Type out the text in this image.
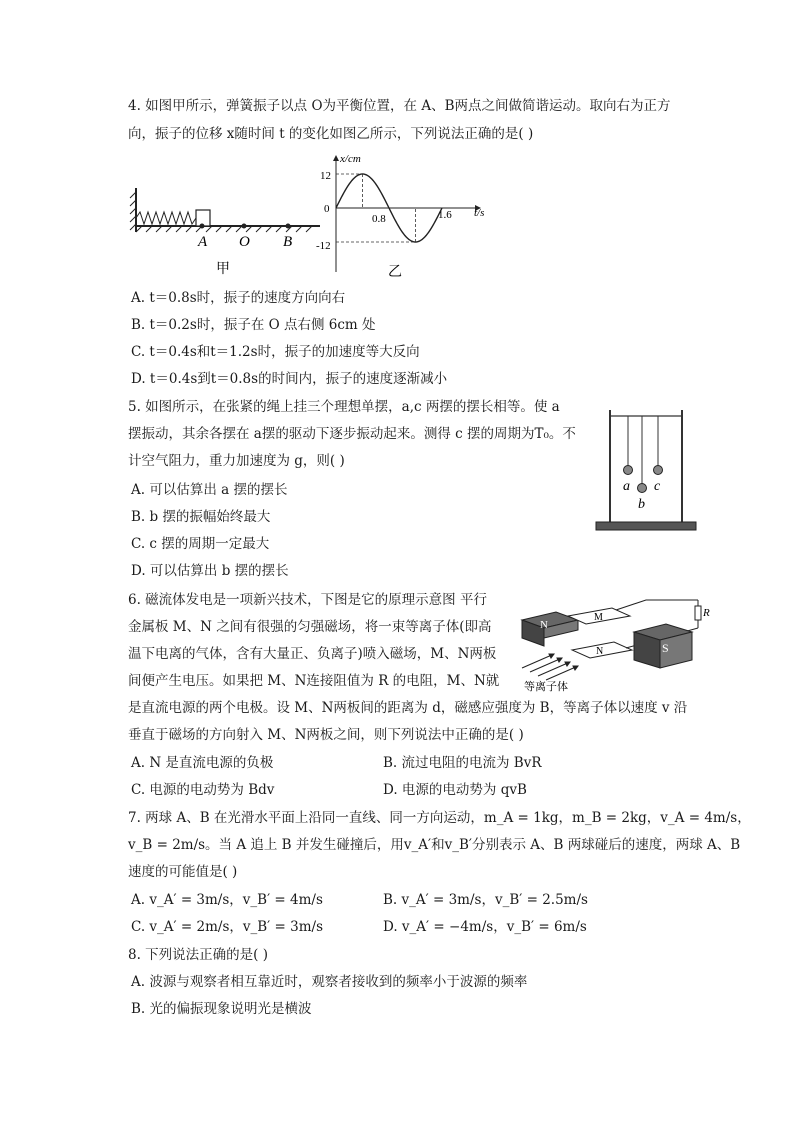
4. 如图甲所示，弹簧振子以点 O为平衡位置，在 A、B两点之间做简谐运动。取向右为正方
向，振子的位移 x随时间 t 的变化如图乙所示，下列说法正确的是( )
A O B
甲
x/cm
t/s
12
0
-12
0.8	1.6
乙
A. t＝0.8s时，振子的速度方向向右
B. t＝0.2s时，振子在 O 点右侧 6cm 处
C. t＝0.4s和t＝1.2s时，振子的加速度等大反向
D. t＝0.4s到t＝0.8s的时间内，振子的速度逐渐减小
5. 如图所示，在张紧的绳上挂三个理想单摆，a,c 两摆的摆长相等。使 a
摆振动，其余各摆在 a摆的驱动下逐步振动起来。测得 c 摆的周期为T₀。不
计空气阻力，重力加速度为 g，则( )
A. 可以估算出 a 摆的摆长
B. b 摆的振幅始终最大
C. c 摆的周期一定最大
D. 可以估算出 b 摆的摆长
a
b
c
6. 磁流体发电是一项新兴技术，下图是它的原理示意图 平行
金属板 M、N 之间有很强的匀强磁场，将一束等离子体(即高
温下电离的气体，含有大量正、负离子)喷入磁场，M、N两板
间便产生电压。如果把 M、N连接阻值为 R 的电阻，M、N就
是直流电源的两个电极。设 M、N两板间的距离为 d，磁感应强度为 B，等离子体以速度 v 沿
垂直于磁场的方向射入 M、N两板之间，则下列说法中正确的是( )
N
M
N
R
S
等离子体
A. N 是直流电源的负极	B. 流过电阻的电流为 BvR
C. 电源的电动势为 Bdv	D. 电源的电动势为 qvB
7. 两球 A、B 在光滑水平面上沿同一直线、同一方向运动，m_A = 1kg，m_B = 2kg，v_A = 4m/s，
v_B = 2m/s。当 A 追上 B 并发生碰撞后，用v_A′和v_B′分别表示 A、B 两球碰后的速度，两球 A、B
速度的可能值是( )
A. v_A′ = 3m/s，v_B′ = 4m/s	B. v_A′ = 3m/s，v_B′ = 2.5m/s
C. v_A′ = 2m/s，v_B′ = 3m/s	D. v_A′ = −4m/s，v_B′ = 6m/s
8. 下列说法正确的是( )
A. 波源与观察者相互靠近时，观察者接收到的频率小于波源的频率
B. 光的偏振现象说明光是横波
